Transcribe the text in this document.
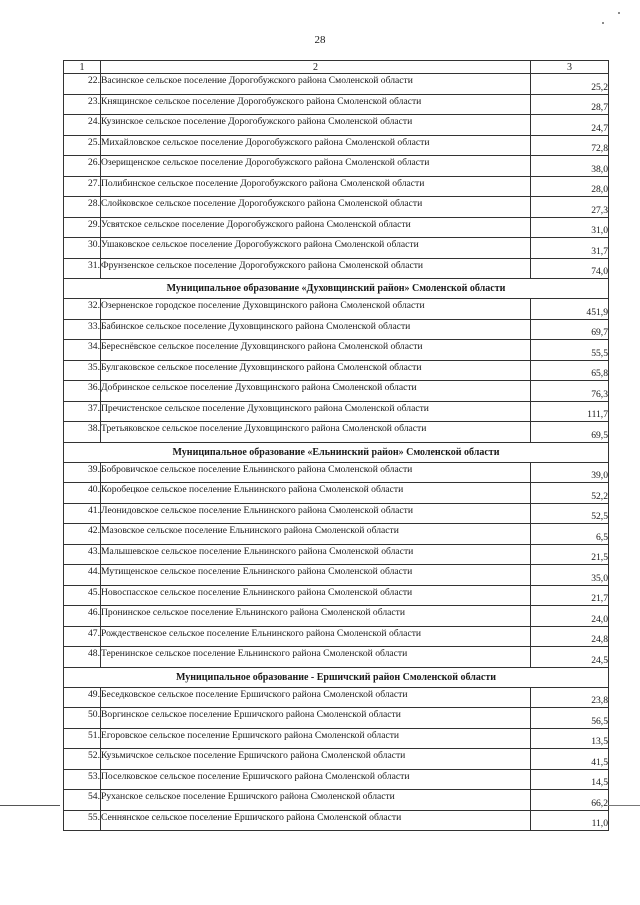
28
1	2	3
22.	Васинское сельское поселение Дорогобужского района Смоленской области	25,2
23.	Княщинское сельское поселение Дорогобужского района Смоленской области	28,7
24.	Кузинское сельское поселение Дорогобужского района Смоленской области	24,7
25.	Михайловское сельское поселение Дорогобужского района Смоленской области	72,8
26.	Озерищенское сельское поселение Дорогобужского района Смоленской области	38,0
27.	Полибинское сельское поселение Дорогобужского района Смоленской области	28,0
28.	Слойковское сельское поселение Дорогобужского района Смоленской области	27,3
29.	Усвятское сельское поселение Дорогобужского района Смоленской области	31,0
30.	Ушаковское сельское поселение Дорогобужского района Смоленской области	31,7
31.	Фрунзенское сельское поселение Дорогобужского района Смоленской области	74,0
Муниципальное образование «Духовщинский район» Смоленской области		
32.	Озерненское городское поселение Духовщинского района Смоленской области	451,9
33.	Бабинское сельское поселение Духовщинского района Смоленской области	69,7
34.	Береснёвское сельское поселение Духовщинского района Смоленской области	55,5
35.	Булгаковское сельское поселение Духовщинского района Смоленской области	65,8
36.	Добринское сельское поселение Духовщинского района Смоленской области	76,3
37.	Пречистенское сельское поселение Духовщинского района Смоленской области	111,7
38.	Третьяковское сельское поселение Духовщинского района Смоленской области	69,5
Муниципальное образование «Ельнинский район» Смоленской области		
39.	Бобровичское сельское поселение Ельнинского района Смоленской области	39,0
40.	Коробецкое сельское поселение Ельнинского района Смоленской области	52,2
41.	Леонидовское сельское поселение Ельнинского района Смоленской области	52,5
42.	Мазовское сельское поселение Ельнинского района Смоленской области	6,5
43.	Малышевское сельское поселение Ельнинского района Смоленской области	21,5
44.	Мутищенское сельское поселение Ельнинского района Смоленской области	35,0
45.	Новоспасское сельское поселение Ельнинского района Смоленской области	21,7
46.	Пронинское сельское поселение Ельнинского района Смоленской области	24,0
47.	Рождественское сельское поселение Ельнинского района Смоленской области	24,8
48.	Теренинское сельское поселение Ельнинского района Смоленской области	24,5
Муниципальное образование - Ершичский район Смоленской области		
49.	Беседковское сельское поселение Ершичского района Смоленской области	23,8
50.	Воргинское сельское поселение Ершичского района Смоленской области	56,5
51.	Егоровское сельское поселение Ершичского района Смоленской области	13,5
52.	Кузьмичское сельское поселение Ершичского района Смоленской области	41,5
53.	Поселковское сельское поселение Ершичского района Смоленской области	14,5
54.	Руханское сельское поселение Ершичского района Смоленской области	66,2
55.	Сеннянское сельское поселение Ершичского района Смоленской области	11,0
